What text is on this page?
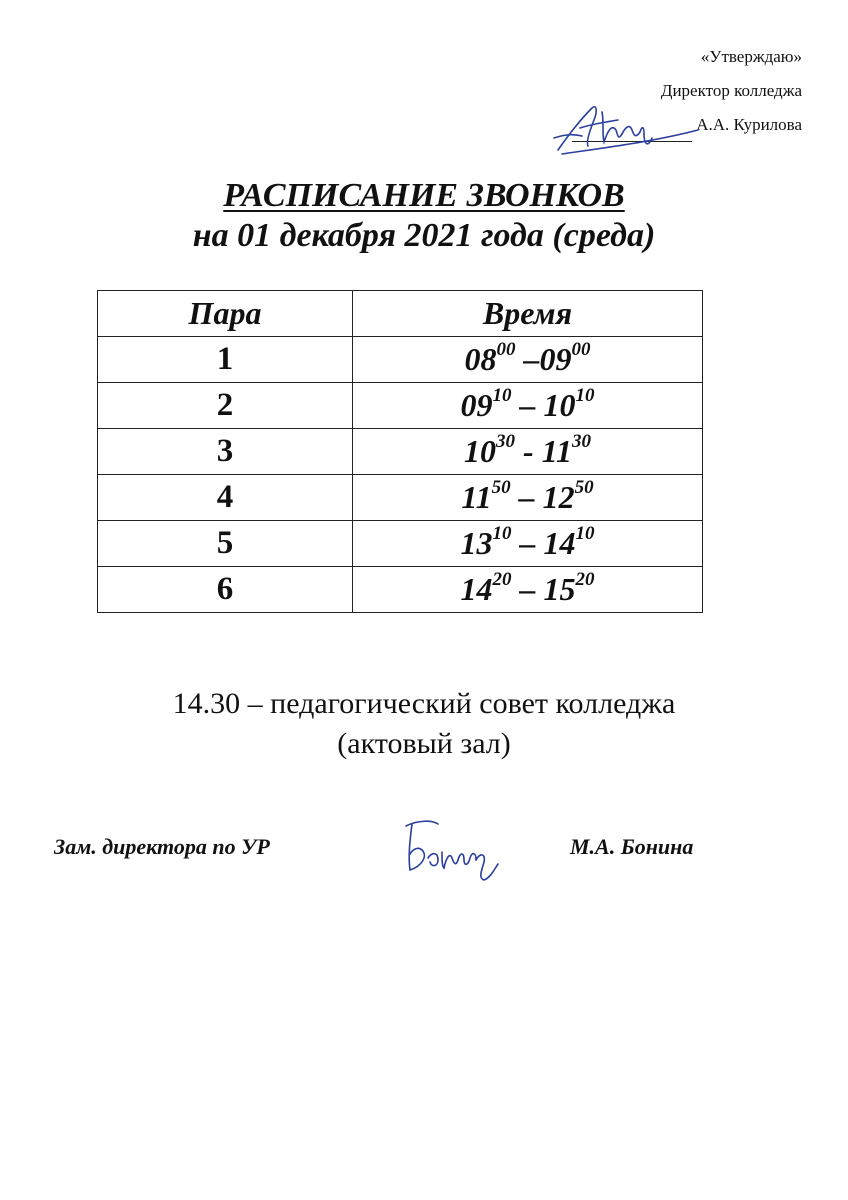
«Утверждаю»
Директор колледжа
А.А. Курилова
РАСПИСАНИЕ ЗВОНКОВ
на 01 декабря 2021 года (среда)
Пара	Время
1	$08^{00}$ $-09^{00}$
2	$09^{10} - 10^{10}$
3	$10^{30} - 11^{30}$
4	$11^{50} - 12^{50}$
5	$13^{10} - 14^{10}$
6	$14^{20} - 15^{20}$
14.30 – педагогический совет колледжа
(актовый зал)
Зам. директора по УР	М.А. Бонина
